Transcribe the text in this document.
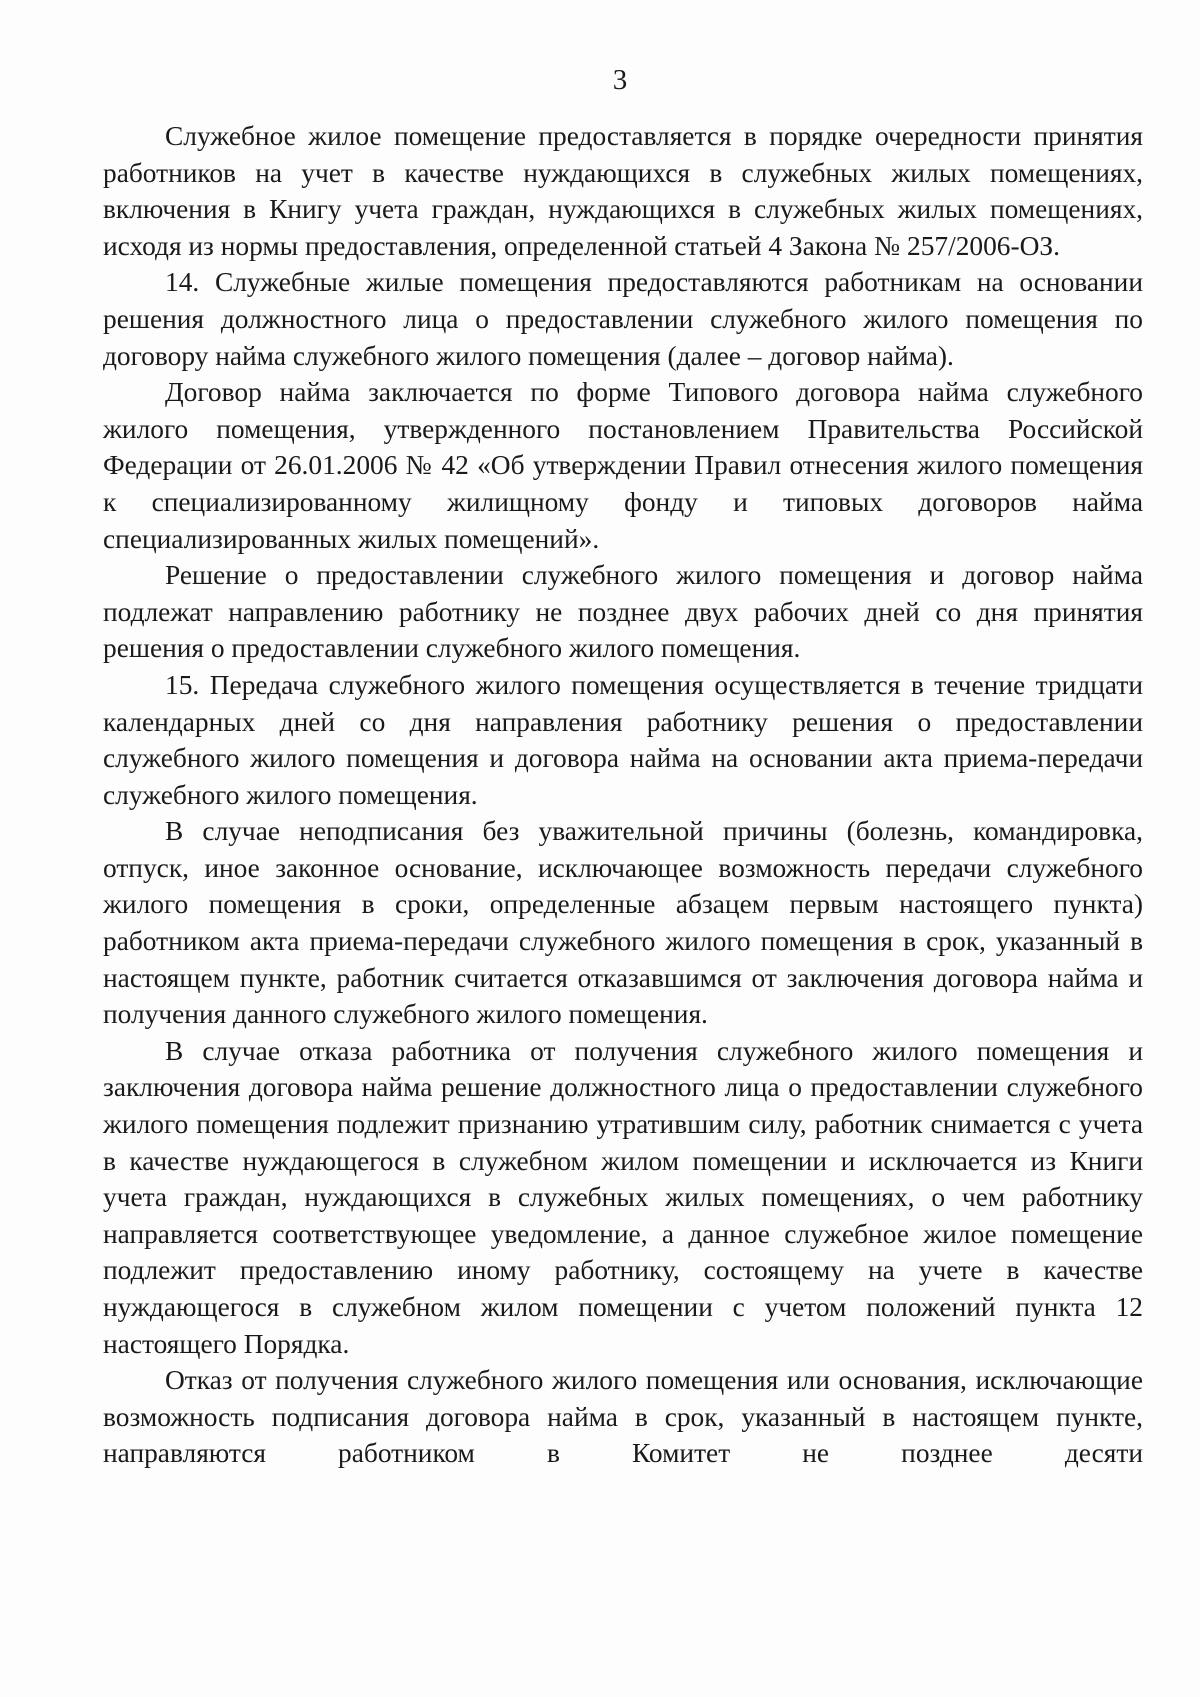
3

Служебное жилое помещение предоставляется в порядке очередности принятия работников на учет в качестве нуждающихся в служебных жилых помещениях, включения в Книгу учета граждан, нуждающихся в служебных жилых помещениях, исходя из нормы предоставления, определенной статьей 4 Закона № 257/2006-ОЗ.

14. Служебные жилые помещения предоставляются работникам на основании решения должностного лица о предоставлении служебного жилого помещения по договору найма служебного жилого помещения (далее – договор найма).

Договор найма заключается по форме Типового договора найма служебного жилого помещения, утвержденного постановлением Правительства Российской Федерации от 26.01.2006 № 42 «Об утверждении Правил отнесения жилого помещения к специализированному жилищному фонду и типовых договоров найма специализированных жилых помещений».

Решение о предоставлении служебного жилого помещения и договор найма подлежат направлению работнику не позднее двух рабочих дней со дня принятия решения о предоставлении служебного жилого помещения.

15. Передача служебного жилого помещения осуществляется в течение тридцати календарных дней со дня направления работнику решения о предоставлении служебного жилого помещения и договора найма на основании акта приема-передачи служебного жилого помещения.

В случае неподписания без уважительной причины (болезнь, командировка, отпуск, иное законное основание, исключающее возможность передачи служебного жилого помещения в сроки, определенные абзацем первым настоящего пункта) работником акта приема-передачи служебного жилого помещения в срок, указанный в настоящем пункте, работник считается отказавшимся от заключения договора найма и получения данного служебного жилого помещения.

В случае отказа работника от получения служебного жилого помещения и заключения договора найма решение должностного лица о предоставлении служебного жилого помещения подлежит признанию утратившим силу, работник снимается с учета в качестве нуждающегося в служебном жилом помещении и исключается из Книги учета граждан, нуждающихся в служебных жилых помещениях, о чем работнику направляется соответствующее уведомление, а данное служебное жилое помещение подлежит предоставлению иному работнику, состоящему на учете в качестве нуждающегося в служебном жилом помещении с учетом положений пункта 12 настоящего Порядка.

Отказ от получения служебного жилого помещения или основания, исключающие возможность подписания договора найма в срок, указанный в настоящем пункте, направляются работником в Комитет не позднее десяти
